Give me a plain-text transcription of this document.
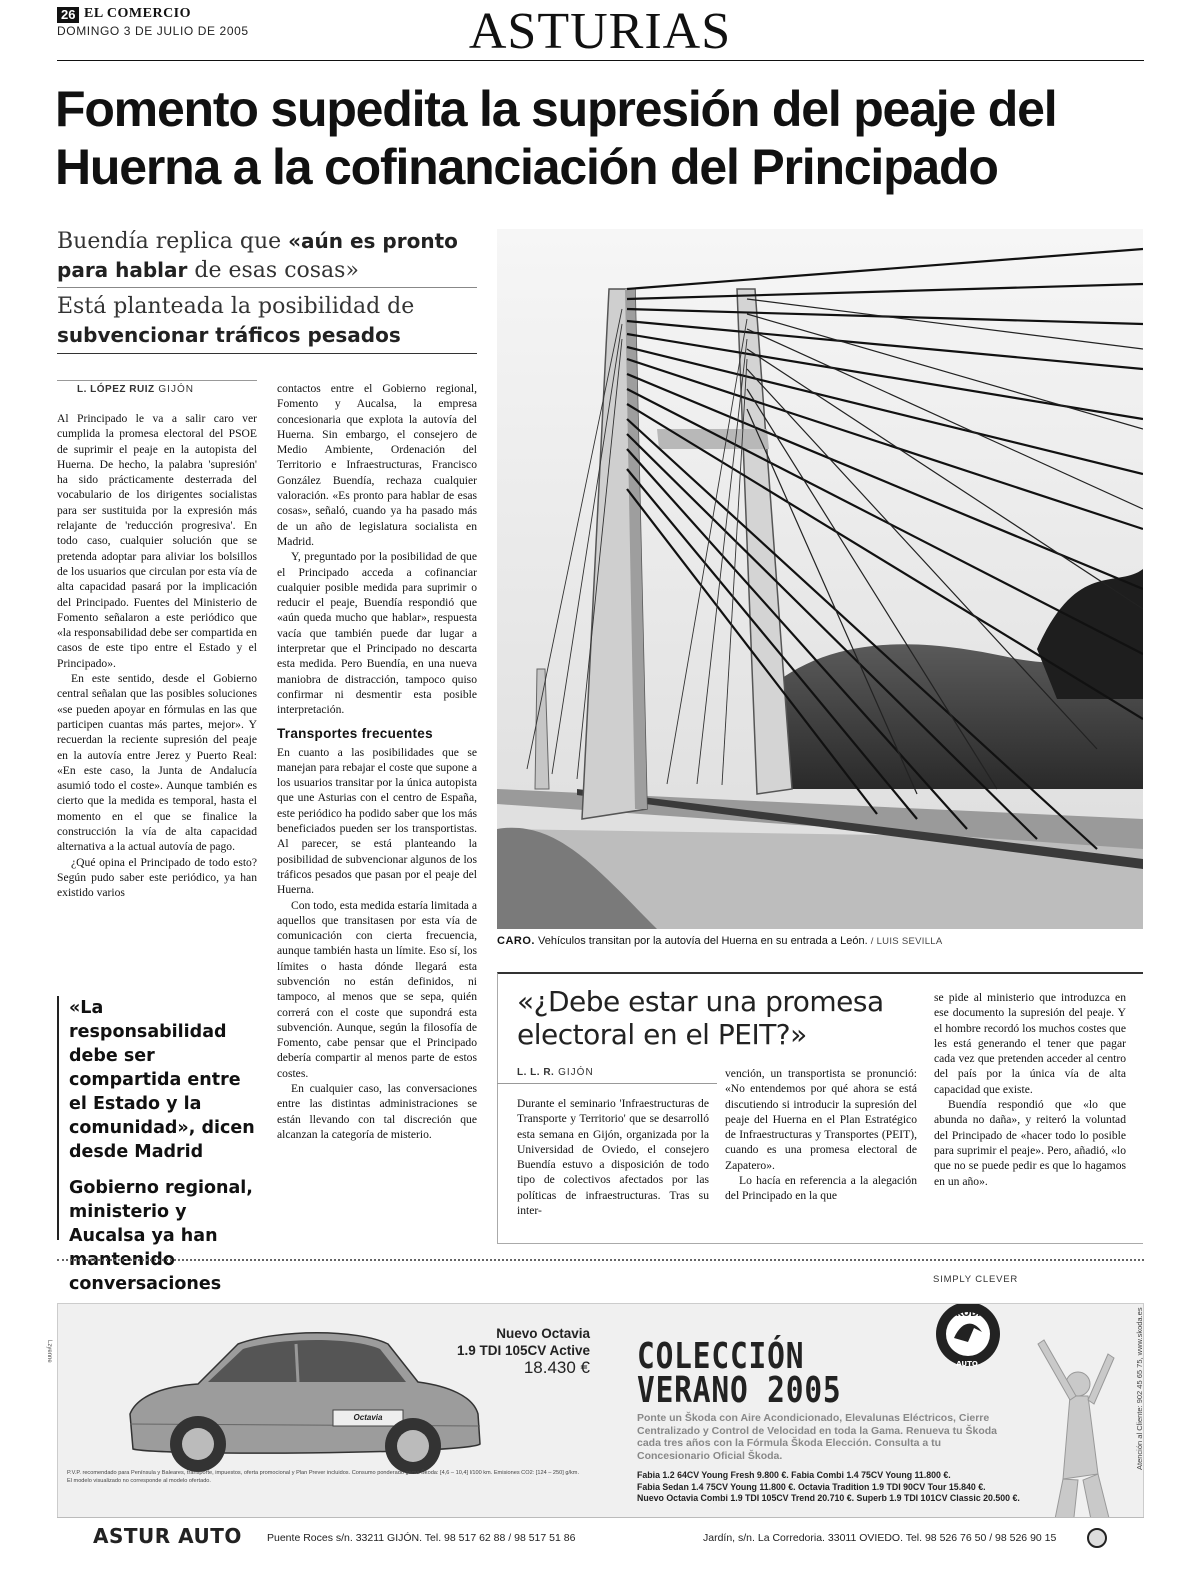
26 EL COMERCIO
DOMINGO 3 DE JULIO DE 2005	ASTURIAS
Fomento supedita la supresión del peaje del Huerna a la cofinanciación del Principado
Buendía replica que «aún es pronto para hablar de esas cosas»
Está planteada la posibilidad de subvencionar tráficos pesados
L. LÓPEZ RUIZ GIJÓN

Al Principado le va a salir caro ver cumplida la promesa electoral del PSOE de suprimir el peaje en la autopista del Huerna. De hecho, la palabra 'supresión' ha sido prácticamente desterrada del vocabulario de los dirigentes socialistas para ser sustituida por la expresión más relajante de 'reducción progresiva'. En todo caso, cualquier solución que se pretenda adoptar para aliviar los bolsillos de los usuarios que circulan por esta vía de alta capacidad pasará por la implicación del Principado. Fuentes del Ministerio de Fomento señalaron a este periódico que «la responsabilidad debe ser compartida en casos de este tipo entre el Estado y el Principado».

En este sentido, desde el Gobierno central señalan que las posibles soluciones «se pueden apoyar en fórmulas en las que participen cuantas más partes, mejor». Y recuerdan la reciente supresión del peaje en la autovía entre Jerez y Puerto Real: «En este caso, la Junta de Andalucía asumió todo el coste». Aunque también es cierto que la medida es temporal, hasta el momento en el que se finalice la construcción la vía de alta capacidad alternativa a la actual autovía de pago.

¿Qué opina el Principado de todo esto? Según pudo saber este periódico, ya han existido varios

«La responsabilidad debe ser compartida entre el Estado y la comunidad», dicen desde Madrid

Gobierno regional, ministerio y Aucalsa ya han mantenido conversaciones

contactos entre el Gobierno regional, Fomento y Aucalsa, la empresa concesionaria que explota la autovía del Huerna. Sin embargo, el consejero de Medio Ambiente, Ordenación del Territorio e Infraestructuras, Francisco González Buendía, rechaza cualquier valoración. «Es pronto para hablar de esas cosas», señaló, cuando ya ha pasado más de un año de legislatura socialista en Madrid.

Y, preguntado por la posibilidad de que el Principado acceda a cofinanciar cualquier posible medida para suprimir o reducir el peaje, Buendía respondió que «aún queda mucho que hablar», respuesta vacía que también puede dar lugar a interpretar que el Principado no descarta esta medida. Pero Buendía, en una nueva maniobra de distracción, tampoco quiso confirmar ni desmentir esta posible interpretación.

Transportes frecuentes

En cuanto a las posibilidades que se manejan para rebajar el coste que supone a los usuarios transitar por la única autopista que une Asturias con el centro de España, este periódico ha podido saber que los más beneficiados pueden ser los transportistas. Al parecer, se está planteando la posibilidad de subvencionar algunos de los tráficos pesados que pasan por el peaje del Huerna.

Con todo, esta medida estaría limitada a aquellos que transitasen por esta vía de comunicación con cierta frecuencia, aunque también hasta un límite. Eso sí, los límites o hasta dónde llegará esta subvención no están definidos, ni tampoco, al menos que se sepa, quién correrá con el coste que supondrá esta subvención. Aunque, según la filosofía de Fomento, cabe pensar que el Principado debería compartir al menos parte de estos costes.

En cualquier caso, las conversaciones entre las distintas administraciones se están llevando con tal discreción que alcanzan la categoría de misterio.

CARO. Vehículos transitan por la autovía del Huerna en su entrada a León. / LUIS SEVILLA
«¿Debe estar una promesa electoral en el PEIT?»
L. L. R. GIJÓN

Durante el seminario 'Infraestructuras de Transporte y Territorio' que se desarrolló esta semana en Gijón, organizada por la Universidad de Oviedo, el consejero Buendía estuvo a disposición de todo tipo de colectivos afectados por las políticas de infraestructuras. Tras su inter-

vención, un transportista se pronunció: «No entendemos por qué ahora se está discutiendo si introducir la supresión del peaje del Huerna en el Plan Estratégico de Infraestructuras y Transportes (PEIT), cuando es una promesa electoral de Zapatero».

Lo hacía en referencia a la alegación del Principado en la que

se pide al ministerio que introduzca en ese documento la supresión del peaje. Y el hombre recordó los muchos costes que les está generando el tener que pagar cada vez que pretenden acceder al centro del país por la única vía de alta capacidad que existe.

Buendía respondió que «lo que abunda no daña», y reiteró la voluntad del Principado de «hacer todo lo posible para suprimir el peaje». Pero, añadió, «lo que no se puede pedir es que lo hagamos en un año».

SIMPLY CLEVER
ŠKODA
AUTO
Octavia
Nuevo Octavia
1.9 TDI 105CV Active
18.430 € COLECCIÓN
VERANO 2005
Ponte un Škoda con Aire Acondicionado, Elevalunas Eléctricos, Cierre Centralizado y Control de Velocidad en toda la Gama. Renueva tu Škoda cada tres años con la Fórmula Škoda Elección. Consulta a tu Concesionario Oficial Škoda.
Fabia 1.2 64CV Young Fresh 9.800 €. Fabia Combi 1.4 75CV Young 11.800 €.
Fabia Sedan 1.4 75CV Young 11.800 €. Octavia Tradition 1.9 TDI 90CV Tour 15.840 €.
Nuevo Octavia Combi 1.9 TDI 105CV Trend 20.710 €. Superb 1.9 TDI 101CV Classic 20.500 €.
P.V.P. recomendado para Península y Baleares, transporte, impuestos, oferta promocional y Plan Prever incluidos. Consumo ponderado gama Škoda: [4,6 – 10,4] l/100 km. Emisiones CO2: [124 – 250] g/km.
El modelo visualizado no corresponde al modelo ofertado.
Lzyenne	Atención al Cliente: 902 45 65 75, www.skoda.es
ASTUR AUTO Puente Roces s/n. 33211 GIJÓN. Tel. 98 517 62 88 / 98 517 51 86	Jardín, s/n. La Corredoria. 33011 OVIEDO. Tel. 98 526 76 50 / 98 526 90 15
